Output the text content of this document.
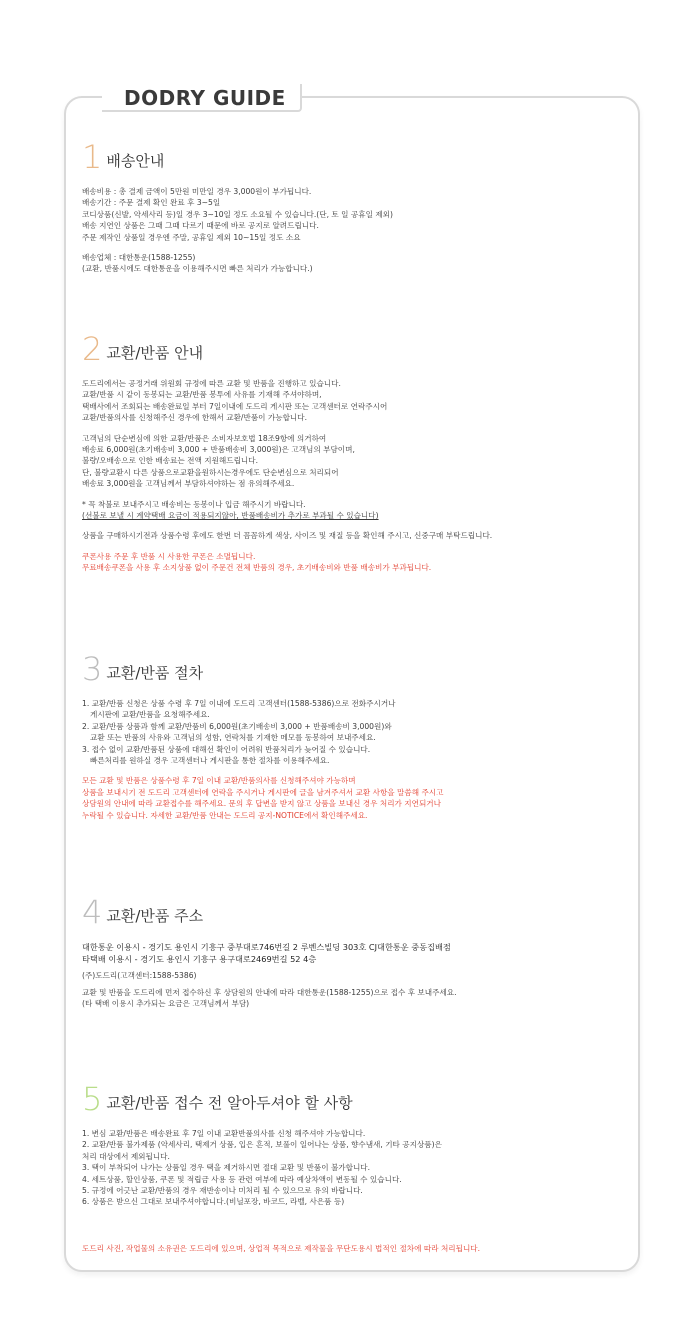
DODRY GUIDE
1 배송안내
배송비용 : 총 결제 금액이 5만원 미만일 경우 3,000원이 부가됩니다.
배송기간 : 주문 결제 확인 완료 후 3~5일
코디상품(신발, 악세사리 등)일 경우 3~10일 정도 소요될 수 있습니다.(단, 토 일 공휴일 제외)
배송 지연인 상품은 그때 그때 다르기 때문에 바로 공지로 알려드립니다.
주문 제작인 상품일 경우엔 주말, 공휴일 제외 10~15일 정도 소요
배송업체 : 대한통운(1588-1255)
(교환, 반품시에도 대한통운을 이용해주시면 빠른 처리가 가능합니다.)
2 교환/반품 안내
도드리에서는 공정거래 위원회 규정에 따른 교환 및 반품을 진행하고 있습니다.
교환/반품 시 같이 동봉되는 교환/반품 봉투에 사유를 기재해 주셔야하며,
택배사에서 조회되는 배송완료일 부터 7일이내에 도드리 게시판 또는 고객센터로 연락주시어
교환/반품의사를 신청해주신 경우에 한해서 교환/반품이 가능합니다.
고객님의 단순변심에 의한 교환/반품은 소비자보호법 18조9항에 의거하여
배송료 6,000원(초기배송비 3,000 + 반품배송비 3,000원)은 고객님의 부담이며,
불량/오배송으로 인한 배송료는 전액 지원해드립니다.
단, 불량교환시 다른 상품으로교환을원하시는경우에도 단순변심으로 처리되어
배송료 3,000원을 고객님께서 부담하셔야하는 점 유의해주세요.
* 꼭 착불로 보내주시고 배송비는 동봉이나 입금 해주시기 바랍니다.
(선불로 보낼 시 계약택배 요금이 적용되지않아, 반품배송비가 추가로 부과될 수 있습니다)
상품을 구매하시기전과 상품수령 후에도 한번 더 꼼꼼하게 색상, 사이즈 및 재질 등을 확인해 주시고, 신중구매 부탁드립니다.
쿠폰사용 주문 후 반품 시 사용한 쿠폰은 소멸됩니다.
무료배송쿠폰을 사용 후 소지상품 없이 주문건 전체 반품의 경우, 초기배송비와 반품 배송비가 부과됩니다.
3 교환/반품 절차
1. 교환/반품 신청은 상품 수령 후 7일 이내에 도드리 고객센터(1588-5386)으로 전화주시거나
게시판에 교환/반품을 요청해주세요.
2. 교환/반품 상품과 함께 교환/반품비 6,000원(초기배송비 3,000 + 반품배송비 3,000원)와
교환 또는 반품의 사유와 고객님의 성함, 연락처를 기재한 메모를 동봉하여 보내주세요.
3. 접수 없이 교환/반품된 상품에 대해선 확인이 어려워 반품처리가 늦어질 수 있습니다.
빠른처리를 원하실 경우 고객센터나 게시판을 통한 절차를 이용해주세요.
모든 교환 및 반품은 상품수령 후 7일 이내 교환/반품의사를 신청해주셔야 가능하며
상품을 보내시기 전 도드리 고객센터에 연락을 주시거나 게시판에 글을 남겨주셔서 교환 사항을 말씀해 주시고
상담원의 안내에 따라 교환접수를 해주세요. 문의 후 답변을 받지 않고 상품을 보내신 경우 처리가 지연되거나
누락될 수 있습니다. 자세한 교환/반품 안내는 도드리 공지-NOTICE에서 확인해주세요.
4 교환/반품 주소
대한통운 이용시 - 경기도 용인시 기흥구 중부대로746번길 2 루벤스빌딩 303호 CJ대한통운 중동집배점
타택배 이용시 - 경기도 용인시 기흥구 용구대로2469번길 52 4층
(주)도드리(고객센터:1588-5386)
교환 및 반품을 도드리에 먼저 접수하신 후 상담원의 안내에 따라 대한통운(1588-1255)으로 접수 후 보내주세요.
(타 택배 이용시 추가되는 요금은 고객님께서 부담)
5 교환/반품 접수 전 알아두셔야 할 사항
1. 변심 교환/반품은 배송완료 후 7일 이내 교환반품의사를 신청 해주셔야 가능합니다.
2. 교환/반품 불가제품 (악세사리, 택제거 상품, 입은 흔적, 보풀이 일어나는 상품, 향수냄새, 기타 공지상품)은
처리 대상에서 제외됩니다.
3. 택이 부착되어 나가는 상품일 경우 택을 제거하시면 절대 교환 및 반품이 불가합니다.
4. 세트상품, 할인상품, 쿠폰 및 적립금 사용 등 관련 여부에 따라 예상차액이 변동될 수 있습니다.
5. 규정에 어긋난 교환/반품의 경우 재반송이나 미처리 될 수 있으므로 유의 바랍니다.
6. 상품은 받으신 그대로 보내주셔야합니다.(비닐포장, 바코드, 라벨, 사은품 등)
도드리 사진, 작업물의 소유권은 도드리에 있으며, 상업적 목적으로 제작물을 무단도용시 법적인 절차에 따라 처리됩니다.
